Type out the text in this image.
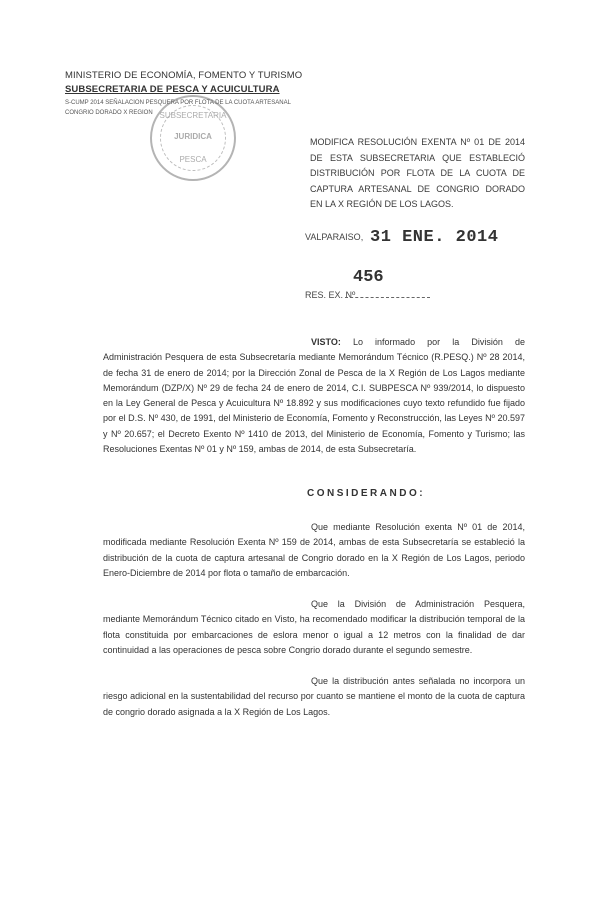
MINISTERIO DE ECONOMÍA, FOMENTO Y TURISMO
SUBSECRETARIA DE PESCA Y ACUICULTURA
S-CUMP 2014 SEÑALACION PESQUERA POR FLOTA DE LA CUOTA ARTESANAL
CONGRIO DORADO X REGION SUBSECRETARIA
JURIDICA
PESCA
MODIFICA RESOLUCIÓN EXENTA Nº 01 DE 2014 DE ESTA SUBSECRETARIA QUE ESTABLECIÓ DISTRIBUCIÓN POR FLOTA DE LA CUOTA DE CAPTURA ARTESANAL DE CONGRIO DORADO EN LA X REGIÓN DE LOS LAGOS.
VALPARAISO, 31 ENE. 2014
456
RES. EX. Nº

VISTO: Lo informado por la División de Administración Pesquera de esta Subsecretaría mediante Memorándum Técnico (R.PESQ.) Nº 28 2014, de fecha 31 de enero de 2014; por la Dirección Zonal de Pesca de la X Región de Los Lagos mediante Memorándum (DZP/X) Nº 29 de fecha 24 de enero de 2014, C.I. SUBPESCA Nº 939/2014, lo dispuesto en la Ley General de Pesca y Acuicultura Nº 18.892 y sus modificaciones cuyo texto refundido fue fijado por el D.S. Nº 430, de 1991, del Ministerio de Economía, Fomento y Reconstrucción, las Leyes Nº 20.597 y Nº 20.657; el Decreto Exento Nº 1410 de 2013, del Ministerio de Economía, Fomento y Turismo; las Resoluciones Exentas Nº 01 y Nº 159, ambas de 2014, de esta Subsecretaría.

CONSIDERANDO:

Que mediante Resolución exenta Nº 01 de 2014, modificada mediante Resolución Exenta Nº 159 de 2014, ambas de esta Subsecretaría se estableció la distribución de la cuota de captura artesanal de Congrio dorado en la X Región de Los Lagos, periodo Enero-Diciembre de 2014 por flota o tamaño de embarcación.

Que la División de Administración Pesquera, mediante Memorándum Técnico citado en Visto, ha recomendado modificar la distribución temporal de la flota constituida por embarcaciones de eslora menor o igual a 12 metros con la finalidad de dar continuidad a las operaciones de pesca sobre Congrio dorado durante el segundo semestre.

Que la distribución antes señalada no incorpora un riesgo adicional en la sustentabilidad del recurso por cuanto se mantiene el monto de la cuota de captura de congrio dorado asignada a la X Región de Los Lagos.
